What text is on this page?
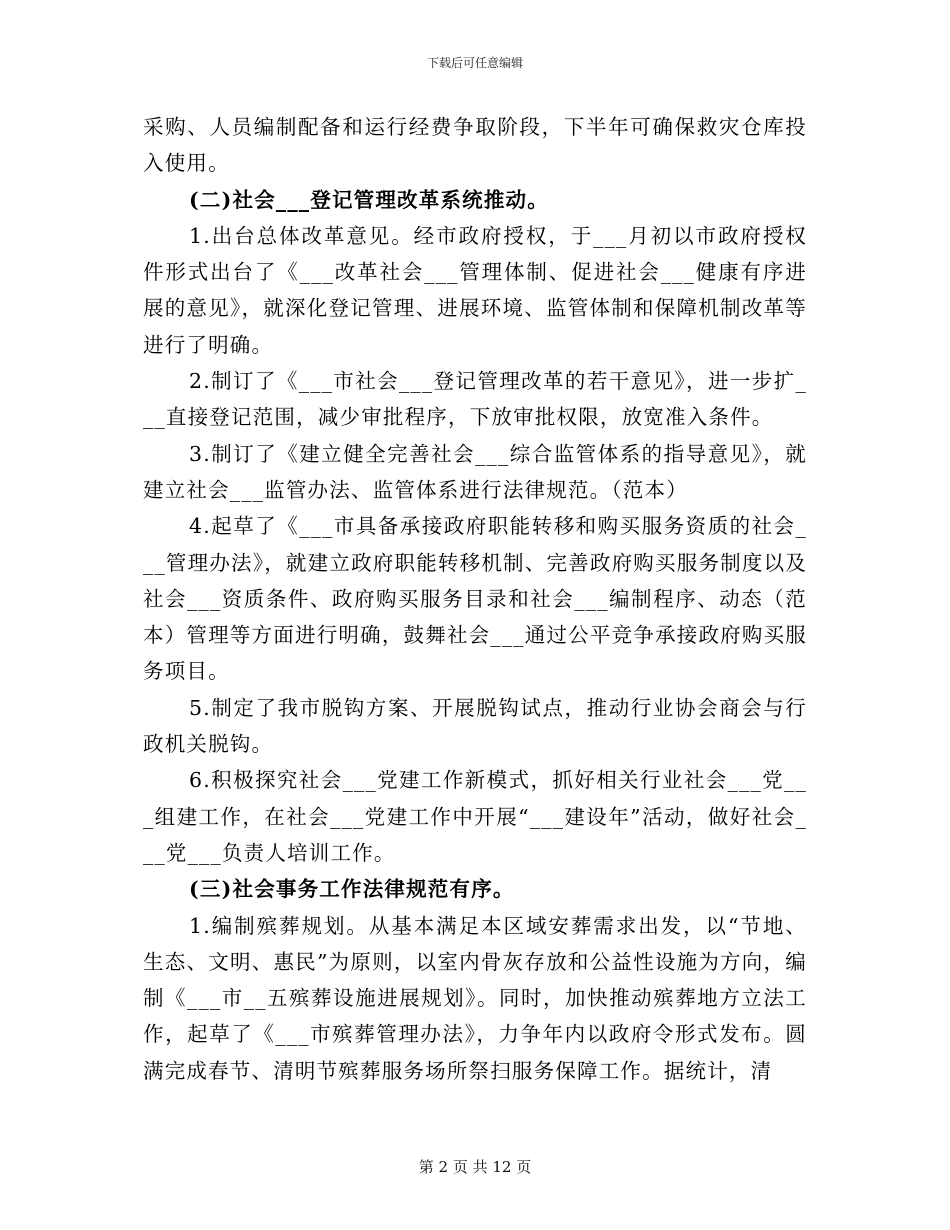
下载后可任意编辑

采购、人员编制配备和运行经费争取阶段，下半年可确保救灾仓库投入使用。

(二)社会___登记管理改革系统推动。

1.出台总体改革意见。经市政府授权，于___月初以市政府授权件形式出台了《___改革社会___管理体制、促进社会___健康有序进展的意见》，就深化登记管理、进展环境、监管体制和保障机制改革等进行了明确。

2.制订了《___市社会___登记管理改革的若干意见》，进一步扩___直接登记范围，减少审批程序，下放审批权限，放宽准入条件。

3.制订了《建立健全完善社会___综合监管体系的指导意见》，就建立社会___监管办法、监管体系进行法律规范。（范本）

4.起草了《___市具备承接政府职能转移和购买服务资质的社会___管理办法》，就建立政府职能转移机制、完善政府购买服务制度以及社会___资质条件、政府购买服务目录和社会___编制程序、动态（范本）管理等方面进行明确，鼓舞社会___通过公平竞争承接政府购买服务项目。

5.制定了我市脱钩方案、开展脱钩试点，推动行业协会商会与行政机关脱钩。

6.积极探究社会___党建工作新模式，抓好相关行业社会___党___组建工作，在社会___党建工作中开展“___建设年”活动，做好社会___党___负责人培训工作。

(三)社会事务工作法律规范有序。

1.编制殡葬规划。从基本满足本区域安葬需求出发，以“节地、生态、文明、惠民”为原则，以室内骨灰存放和公益性设施为方向，编制《___市__五殡葬设施进展规划》。同时，加快推动殡葬地方立法工作，起草了《___市殡葬管理办法》，力争年内以政府令形式发布。圆满完成春节、清明节殡葬服务场所祭扫服务保障工作。据统计，清

第 2 页 共 12 页
